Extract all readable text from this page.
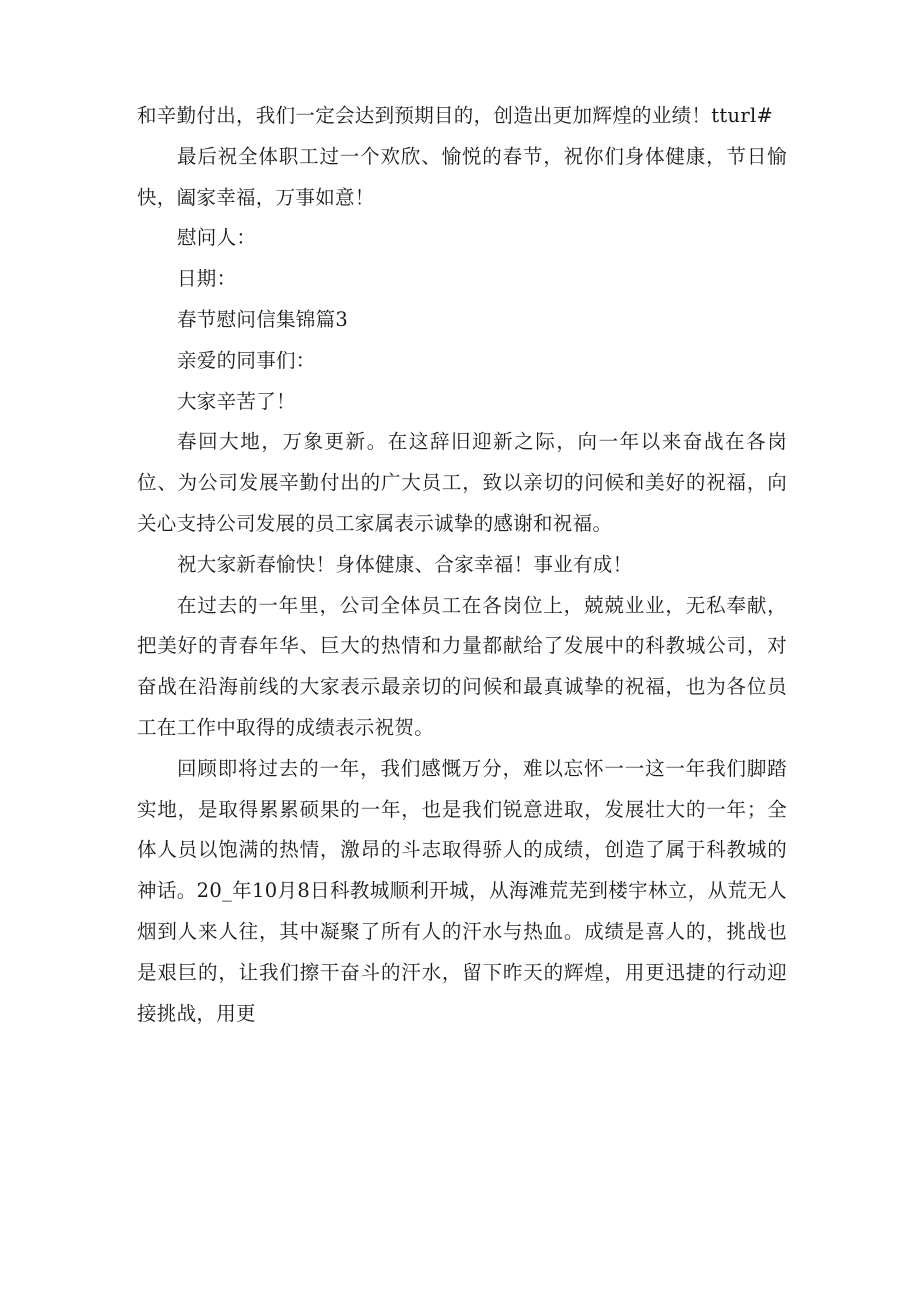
和辛勤付出，我们一定会达到预期目的，创造出更加辉煌的业绩！tturl#

最后祝全体职工过一个欢欣、愉悦的春节，祝你们身体健康，节日愉快，阖家幸福，万事如意！

慰问人：

日期：

春节慰问信集锦篇3

亲爱的同事们：

大家辛苦了！

春回大地，万象更新。在这辞旧迎新之际，向一年以来奋战在各岗位、为公司发展辛勤付出的广大员工，致以亲切的问候和美好的祝福，向关心支持公司发展的员工家属表示诚挚的感谢和祝福。

祝大家新春愉快！身体健康、合家幸福！事业有成！

在过去的一年里，公司全体员工在各岗位上，兢兢业业，无私奉献，把美好的青春年华、巨大的热情和力量都献给了发展中的科教城公司，对奋战在沿海前线的大家表示最亲切的问候和最真诚挚的祝福，也为各位员工在工作中取得的成绩表示祝贺。

回顾即将过去的一年，我们感慨万分，难以忘怀一一这一年我们脚踏实地，是取得累累硕果的一年，也是我们锐意进取，发展壮大的一年；全体人员以饱满的热情，激昂的斗志取得骄人的成绩，创造了属于科教城的神话。20_年10月8日科教城顺利开城，从海滩荒芜到楼宇林立，从荒无人烟到人来人往，其中凝聚了所有人的汗水与热血。成绩是喜人的，挑战也是艰巨的，让我们擦干奋斗的汗水，留下昨天的辉煌，用更迅捷的行动迎接挑战，用更
